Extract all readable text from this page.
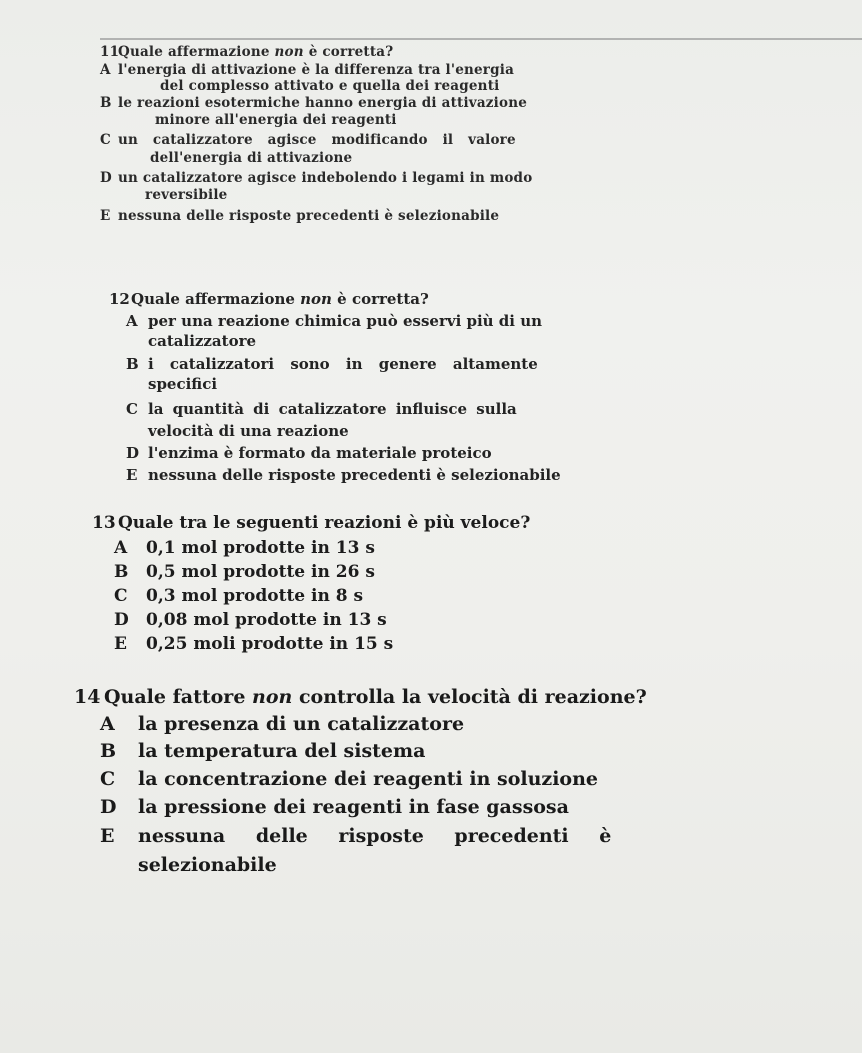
11
Quale affermazione non è corretta?
A l'energia di attivazione è la differenza tra l'energia
del complesso attivato e quella dei reagenti
B le reazioni esotermiche hanno energia di attivazione
minore all'energia dei reagenti
C un catalizzatore agisce modificando il valore
dell'energia di attivazione
D un catalizzatore agisce indebolendo i legami in modo
reversibile
E nessuna delle risposte precedenti è selezionabile
12 Quale affermazione non è corretta?
A per una reazione chimica può esservi più di un
catalizzatore
B i catalizzatori sono in genere altamente
specifici
C la quantità di catalizzatore influisce sulla
velocità di una reazione
D l'enzima è formato da materiale proteico
E nessuna delle risposte precedenti è selezionabile
13 Quale tra le seguenti reazioni è più veloce?
A 0,1 mol prodotte in 13 s
B 0,5 mol prodotte in 26 s
C 0,3 mol prodotte in 8 s
D 0,08 mol prodotte in 13 s
E 0,25 moli prodotte in 15 s
14 Quale fattore non controlla la velocità di reazione?
A la presenza di un catalizzatore
B la temperatura del sistema
C la concentrazione dei reagenti in soluzione
D la pressione dei reagenti in fase gassosa
E nessuna delle risposte precedenti è
selezionabile
